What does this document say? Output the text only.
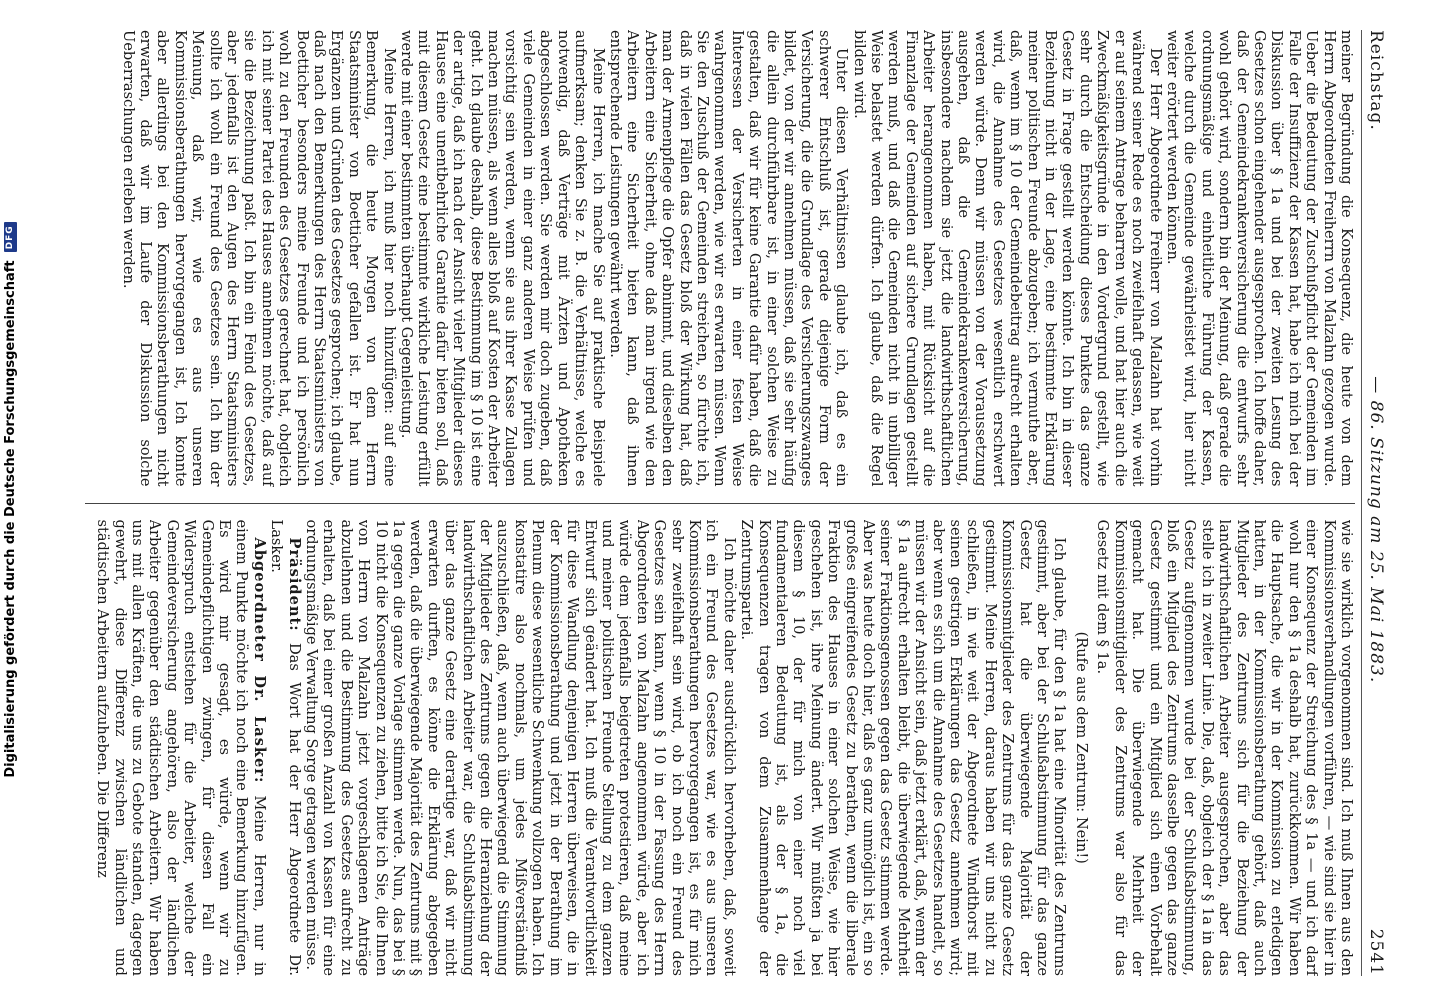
Reichstag.
— 86. Sitzung am 25. Mai 1883.
2541

meiner Begründung die Konsequenz, die heute von dem Herrn Abgeordneten Freiherrn von Malzahn gezogen wurde. Ueber die Bedeutung der Zuschußpflicht der Gemeinden im Falle der Insuffizienz der Kassen hat, habe ich mich bei der Diskussion über § 1a und bei der zweiten Lesung des Gesetzes schon eingehender ausgesprochen. Ich hoffe daher, daß der Gemeindekrankenversicherung die entwurfs sehr wohl gehört wird, sondern bin der Meinung, daß gerade die ordnungsmäßige und einheitliche Führung der Kassen, welche durch die Gemeinde gewährleistet wird, hier nicht weiter erörtert werden können.

Der Herr Abgeordnete Freiherr von Malzahn hat vorhin während seiner Rede es noch zweifelhaft gelassen, wie weit er auf seinem Antrage beharren wolle, und hat hier auch die Zweckmäßigkeitsgründe in den Vordergrund gestellt, wie sehr durch die Entscheidung dieses Punktes das ganze Gesetz in Frage gestellt werden könnte. Ich bin in dieser Beziehung nicht in der Lage, eine bestimmte Erklärung meiner politischen Freunde abzugeben; ich vermuthe aber, daß, wenn im § 10 der Gemeindebeitrag aufrecht erhalten wird, die Annahme des Gesetzes wesentlich erschwert werden würde. Denn wir müssen von der Voraussetzung ausgehen, daß die Gemeindekrankenversicherung, insbesondere nachdem sie jetzt die landwirthschaftlichen Arbeiter herangenommen haben, mit Rücksicht auf die Finanzlage der Gemeinden auf sichere Grundlagen gestellt werden muß, und daß die Gemeinden nicht in unbilliger Weise belastet werden dürfen. Ich glaube, daß die Regel bilden wird.

Unter diesen Verhältnissen glaube ich, daß es ein schwerer Entschluß ist, gerade diejenige Form der Versicherung, die die Grundlage des Versicherungszwanges bildet, von der wir annehmen müssen, daß sie sehr häufig die allein durchführbare ist, in einer solchen Weise zu gestalten, daß wir für keine Garantie dafür haben, daß die Interessen der Versicherten in einer festen Weise wahrgenommen werden, wie wir es erwarten müssen. Wenn Sie den Zuschuß der Gemeinden streichen, so fürchte ich, daß in vielen Fällen das Gesetz bloß der Wirkung hat, daß man der Armenpflege die Opfer abnimmt, und dieselben den Arbeitern eine Sicherheit, ohne daß man irgend wie den Arbeitern eine Sicherheit bieten kann, daß ihnen entsprechende Leistungen gewährt werden.

Meine Herren, ich mache Sie auf praktische Beispiele aufmerksam; denken Sie z. B. die Verhältnisse, welche es notwendig, daß Verträge mit Ärzten und Apotheken abgeschlossen werden. Sie werden mir doch zugeben, daß viele Gemeinden in einer ganz anderen Weise prüfen und vorsichtig sein werden, wenn sie aus ihrer Kasse Zulagen machen müssen, als wenn alles bloß auf Kosten der Arbeiter geht. Ich glaube deshalb, diese Bestimmung im § 10 ist eine der artige, daß ich nach der Ansicht vieler Mitglieder dieses Hauses eine unentbehrliche Garantie dafür bieten soll, daß mit diesem Gesetz eine bestimmte wirkliche Leistung erfüllt werde mit einer bestimmten überhaupt Gegenleistung.

Meine Herren, ich muß hier noch hinzufügen: auf eine Bemerkung, die heute Morgen von dem Herrn Staatsminister von Boetticher gefallen ist. Er hat nun Ergänzen und Gründen des Gesetzes gesprochen; ich glaube, daß nach den Bemerkungen des Herrn Staatsministers von Boetticher besonders meine Freunde und ich persönlich wohl zu den Freunden des Gesetzes gerechnet hat, obgleich ich mit seiner Partei des Hauses annehmen möchte, daß auf sie die Bezeichnung paßt. Ich bin ein Feind des Gesetzes, aber jedenfalls ist den Augen des Herrn Staatsministers sollte ich wohl ein Freund des Gesetzes sein. Ich bin der Meinung, daß wir, wie es aus unseren Kommissionsberathungen hervorgegangen ist, Ich konnte aber allerdings bei den Kommissionsberathungen nicht erwarten, daß wir im Laufe der Diskussion solche Ueberraschungen erleben werden.

wie sie wirklich vorgenommen sind. Ich muß Ihnen aus den Kommissionsverhandlungen vorführen, — wie sind sie hier in einer Konsequenz der Streichung des § 1a — und ich darf wohl nur den § 1a deshalb hat, zurückkommen. Wir haben die Hauptsache, die wir in der Kommission zu erledigen hatten, in der Kommissionsberathung gehört, daß auch Mitglieder des Zentrums sich für die Beziehung der landwirthschaftlichen Arbeiter ausgesprochen, aber das stelle ich in zweiter Linie. Die, daß, obgleich der § 1a in das Gesetz aufgenommen wurde bei der Schlußabstimmung, bloß ein Mitglied des Zentrums dasselbe gegen das ganze Gesetz gestimmt und ein Mitglied sich einen Vorbehalt gemacht hat. Die überwiegende Mehrheit der Kommissionsmitglieder des Zentrums war also für das Gesetz mit dem § 1a.

(Rufe aus dem Zentrum: Nein!)

Ich glaube, für den § 1a hat eine Minorität des Zentrums gestimmt, aber bei der Schlußabstimmung für das ganze Gesetz hat die überwiegende Majorität der Kommissionsmitglieder des Zentrums für das ganze Gesetz gestimmt. Meine Herren, daraus haben wir uns nicht zu schließen, in wie weit der Abgeordnete Windthorst mit seinen gestrigen Erklärungen das Gesetz annehmen wird; aber wenn es sich um die Annahme des Gesetzes handelt, so müssen wir der Ansicht sein, daß jetzt erklärt, daß, wenn der § 1a aufrecht erhalten bleibt, die überwiegende Mehrheit seiner Fraktionsgenossen gegen das Gesetz stimmen werde. Aber was heute doch hier, daß es ganz unmöglich ist, ein so großes eingreifendes Gesetz zu berathen, wenn die liberale Fraktion des Hauses in einer solchen Weise, wie hier geschehen ist, ihre Meinung ändert. Wir müßten ja bei diesem § 10, der für mich von einer noch viel fundamentaleren Bedeutung ist, als der § 1a, die Konsequenzen tragen von dem Zusammenhange der Zentrumspartei.

Ich möchte daher ausdrücklich hervorheben, daß, soweit ich ein Freund des Gesetzes war, wie es aus unseren Kommissionsberathungen hervorgegangen ist, es für mich sehr zweifelhaft sein wird, ob ich noch ein Freund des Gesetzes sein kann, wenn § 10 in der Fassung des Herrn Abgeordneten von Malzahn angenommen würde, aber ich würde dem jedenfalls beigetreten protestieren, daß meine und meiner politischen Freunde Stellung zu dem ganzen Entwurf sich geändert hat. Ich muß die Verantwortlichkeit für diese Wandlung denjenigen Herren überweisen, die in der Kommissionsberathung und jetzt in der Berathung im Plenum diese wesentliche Schwenkung vollzogen haben. Ich konstatire also nochmals, um jedes Mißverständniß auszuschließen, daß, wenn auch überwiegend die Stimmung der Mitglieder des Zentrums gegen die Heranziehung der landwirthschaftlichen Arbeiter war, die Schlußabstimmung über das ganze Gesetz eine derartige war, daß wir nicht erwarten durften, es könne die Erklärung abgegeben werden, daß die überwiegende Majorität des Zentrums mit § 1a gegen die ganze Vorlage stimmen werde. Nun, das bei § 10 nicht die Konsequenzen zu ziehen, bitte ich Sie, die Ihnen von Herrn von Malzahn jetzt vorgeschlagenen Anträge abzulehnen und die Bestimmung des Gesetzes aufrecht zu erhalten, daß bei einer großen Anzahl von Kassen für eine ordnungsmäßige Verwaltung Sorge getragen werden müsse.

Präsident: Das Wort hat der Herr Abgeordnete Dr. Lasker.

Abgeordneter Dr. Lasker: Meine Herren, nur in einem Punkte möchte ich noch eine Bemerkung hinzufügen. Es wird mir gesagt, es würde, wenn wir zu Gemeindepflichtigen zwingen, für diesen Fall ein Widerspruch entstehen für die Arbeiter, welche der Gemeindeversicherung angehören, also der ländlichen Arbeiter gegenüber den städtischen Arbeitern. Wir haben uns mit allen Kräften, die uns zu Gebote standen, dagegen gewehrt, diese Differenz zwischen ländlichen und städtischen Arbeitern aufzuheben. Die Differenz

Digitalisierung gefördert durch die Deutsche Forschungsgemeinschaft
DFG
